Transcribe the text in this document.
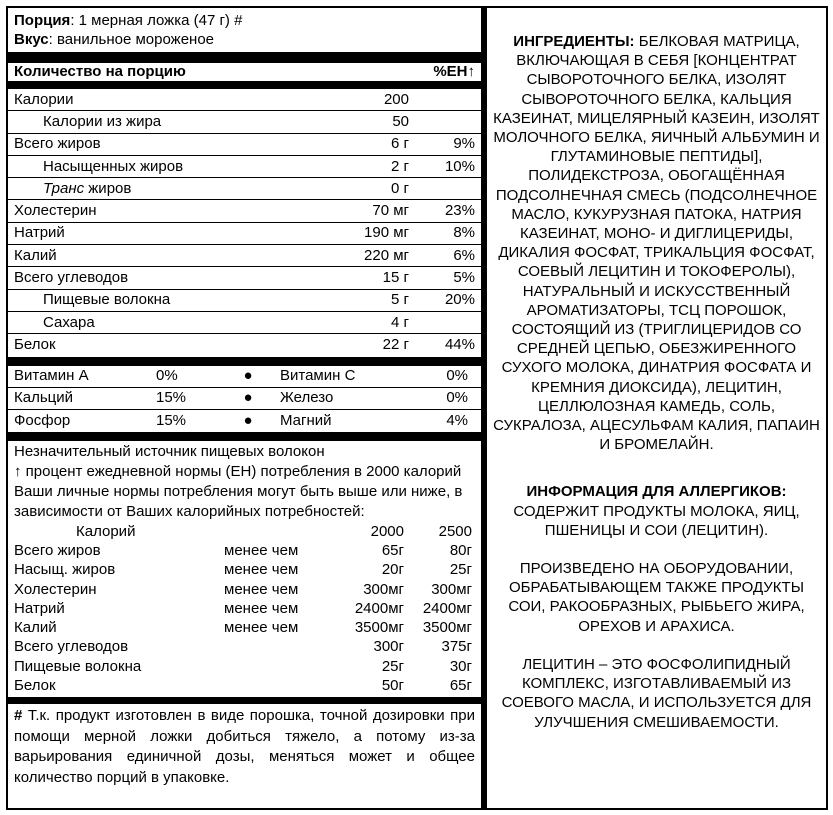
Порция: 1 мерная ложка (47 г) #
Вкус: ванильное мороженое
Количество на порцию	%ЕН↑
Калории	200
Калории из жира	50
Всего жиров	6 г	9%
Насыщенных жиров	2 г	10%
Транс жиров	0 г
Холестерин	70 мг	23%
Натрий	190 мг	8%
Калий	220 мг	6%
Всего углеводов	15 г	5%
Пищевые волокна	5 г	20%
Сахара	4 г
Белок	22 г	44%
Витамин А	0%	●	Витамин С	0%
Кальций	15%	●	Железо	0%
Фосфор	15%	●	Магний	4%
Незначительный источник пищевых волокон
↑ процент ежедневной нормы (ЕН) потребления в 2000 калорий
Ваши личные нормы потребления могут быть выше или ниже, в зависимости от Ваших калорийных потребностей:
Калорий	2000	2500
Всего жиров	менее чем	65г	80г
Насыщ. жиров	менее чем	20г	25г
Холестерин	менее чем	300мг	300мг
Натрий	менее чем	2400мг	2400мг
Калий	менее чем	3500мг	3500мг
Всего углеводов	300г	375г
Пищевые волокна	25г	30г
Белок	50г	65г
# Т.к. продукт изготовлен в виде порошка, точной дозировки при помощи мерной ложки добиться тяжело, а потому из-за варьирования единичной дозы, меняться может и общее количество порций в упаковке.

ИНГРЕДИЕНТЫ: БЕЛКОВАЯ МАТРИЦА, ВКЛЮЧАЮЩАЯ В СЕБЯ [КОНЦЕНТРАТ СЫВОРОТОЧНОГО БЕЛКА, ИЗОЛЯТ СЫВОРОТОЧНОГО БЕЛКА, КАЛЬЦИЯ КАЗЕИНАТ, МИЦЕЛЯРНЫЙ КАЗЕИН, ИЗОЛЯТ МОЛОЧНОГО БЕЛКА, ЯИЧНЫЙ АЛЬБУМИН И ГЛУТАМИНОВЫЕ ПЕПТИДЫ], ПОЛИДЕКСТРОЗА, ОБОГАЩЁННАЯ ПОДСОЛНЕЧНАЯ СМЕСЬ (ПОДСОЛНЕЧНОЕ МАСЛО, КУКУРУЗНАЯ ПАТОКА, НАТРИЯ КАЗЕИНАТ, МОНО- И ДИГЛИЦЕРИДЫ, ДИКАЛИЯ ФОСФАТ, ТРИКАЛЬЦИЯ ФОСФАТ, СОЕВЫЙ ЛЕЦИТИН И ТОКОФЕРОЛЫ), НАТУРАЛЬНЫЙ И ИСКУССТВЕННЫЙ АРОМАТИЗАТОРЫ, ТСЦ ПОРОШОК, СОСТОЯЩИЙ ИЗ (ТРИГЛИЦЕРИДОВ СО СРЕДНЕЙ ЦЕПЬЮ, ОБЕЗЖИРЕННОГО СУХОГО МОЛОКА, ДИНАТРИЯ ФОСФАТА И КРЕМНИЯ ДИОКСИДА), ЛЕЦИТИН, ЦЕЛЛЮЛОЗНАЯ КАМЕДЬ, СОЛЬ, СУКРАЛОЗА, АЦЕСУЛЬФАМ КАЛИЯ, ПАПАИН И БРОМЕЛАЙН.

ИНФОРМАЦИЯ ДЛЯ АЛЛЕРГИКОВ:
СОДЕРЖИТ ПРОДУКТЫ МОЛОКА, ЯИЦ, ПШЕНИЦЫ И СОИ (ЛЕЦИТИН).

ПРОИЗВЕДЕНО НА ОБОРУДОВАНИИ, ОБРАБАТЫВАЮЩЕМ ТАКЖЕ ПРОДУКТЫ СОИ, РАКООБРАЗНЫХ, РЫБЬЕГО ЖИРА, ОРЕХОВ И АРАХИСА.

ЛЕЦИТИН – ЭТО ФОСФОЛИПИДНЫЙ КОМПЛЕКС, ИЗГОТАВЛИВАЕМЫЙ ИЗ СОЕВОГО МАСЛА, И ИСПОЛЬЗУЕТСЯ ДЛЯ УЛУЧШЕНИЯ СМЕШИВАЕМОСТИ.
